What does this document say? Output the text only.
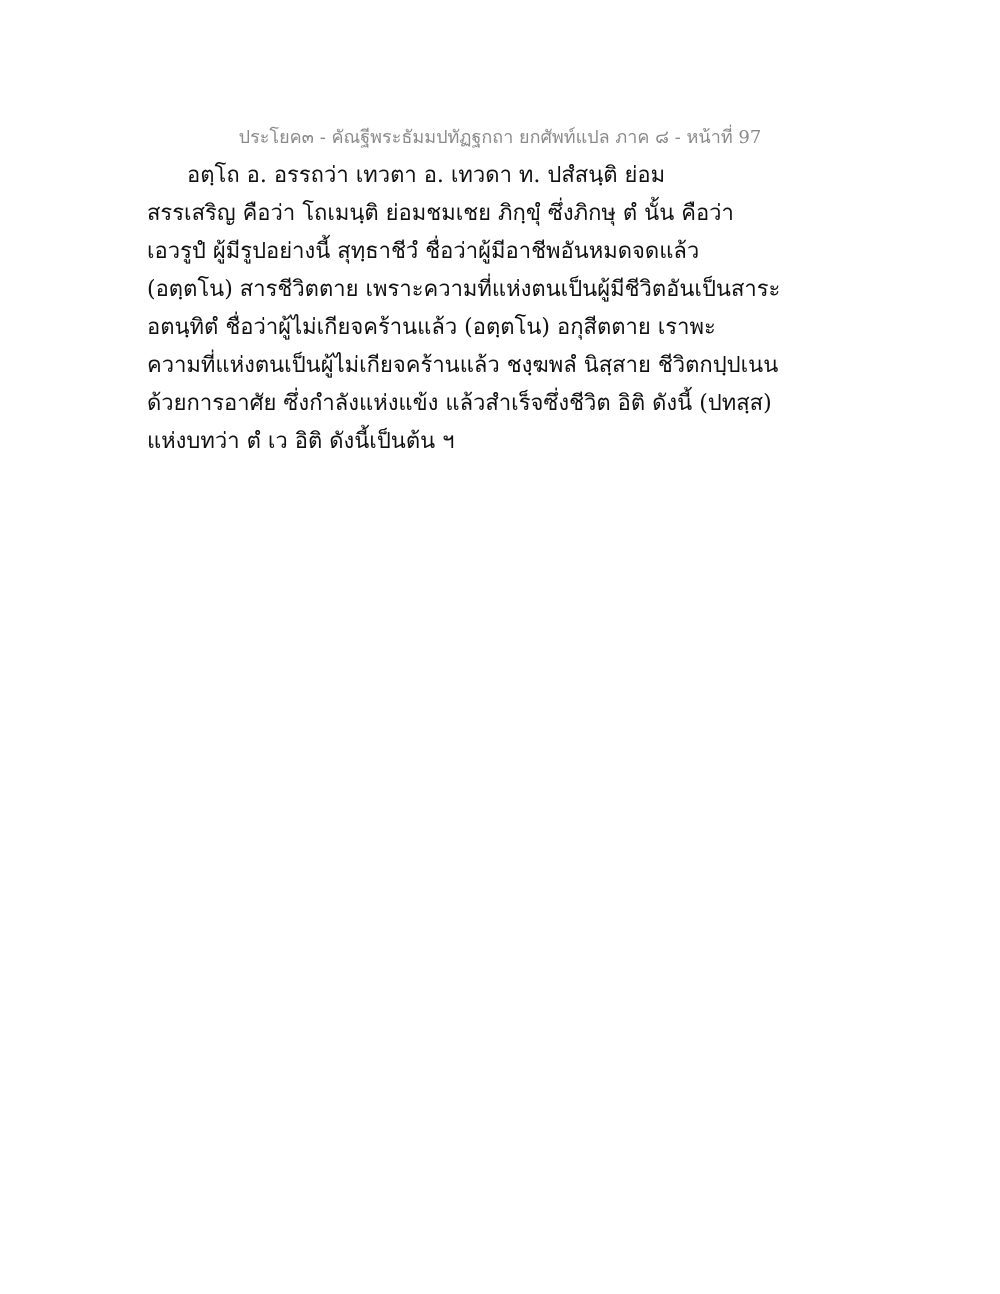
ประโยค๓ - คัณฐีพระธัมมปทัฏฐกถา ยกศัพท์แปล ภาค ๘ - หน้าที่ 97
อตฺโถ อ. อรรถว่า เทวตา อ. เทวดา ท. ปสํสนฺติ ย่อม
สรรเสริญ คือว่า โถเมนฺติ ย่อมชมเชย ภิกฺขุํ ซึ่งภิกษุ ตํ นั้น คือว่า
เอวรูปํ ผู้มีรูปอย่างนี้ สุทฺธาชีวํ ชื่อว่าผู้มีอาชีพอันหมดจดแล้ว
(อตฺตโน) สารชีวิตตาย เพราะความที่แห่งตนเป็นผู้มีชีวิตอันเป็นสาระ
อตนฺทิตํ ชื่อว่าผู้ไม่เกียจคร้านแล้ว (อตฺตโน) อกุสีตตาย เราพะ
ความที่แห่งตนเป็นผู้ไม่เกียจคร้านแล้ว ชงฺฆพลํ นิสฺสาย ชีวิตกปฺปเนน
ด้วยการอาศัย ซึ่งกำลังแห่งแข้ง แล้วสำเร็จซึ่งชีวิต อิติ ดังนี้ (ปทสฺส)
แห่งบทว่า ตํ เว อิติ ดังนี้เป็นต้น ฯ
